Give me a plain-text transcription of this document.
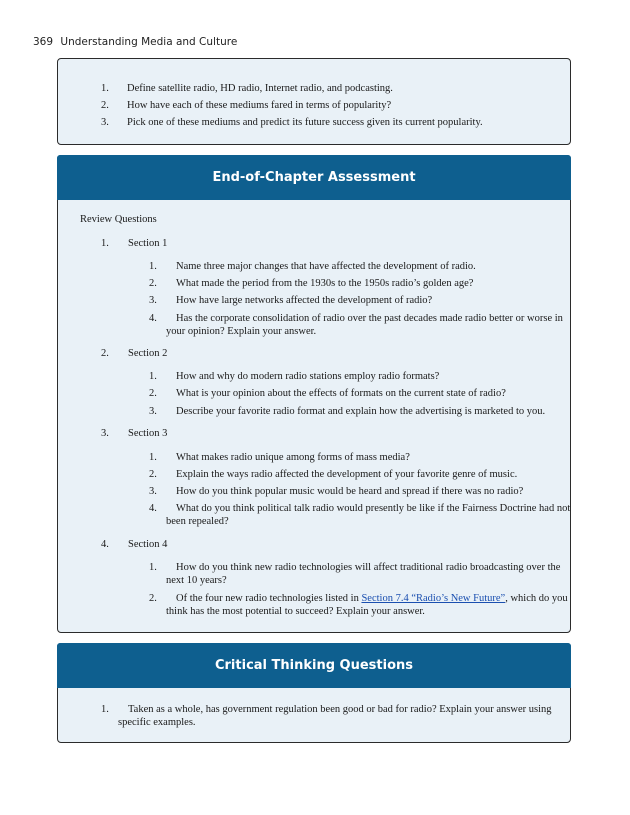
369 Understanding Media and Culture
1. Define satellite radio, HD radio, Internet radio, and podcasting.
2. How have each of these mediums fared in terms of popularity?
3. Pick one of these mediums and predict its future success given its current popularity.
End-of-Chapter Assessment
Review Questions
1. Section 1
1. Name three major changes that have affected the development of radio.
2. What made the period from the 1930s to the 1950s radio’s golden age?
3. How have large networks affected the development of radio?
4. Has the corporate consolidation of radio over the past decades made radio better or worse in
your opinion? Explain your answer.
2. Section 2
1. How and why do modern radio stations employ radio formats?
2. What is your opinion about the effects of formats on the current state of radio?
3. Describe your favorite radio format and explain how the advertising is marketed to you.
3. Section 3
1. What makes radio unique among forms of mass media?
2. Explain the ways radio affected the development of your favorite genre of music.
3. How do you think popular music would be heard and spread if there was no radio?
4. What do you think political talk radio would presently be like if the Fairness Doctrine had not
been repealed?
4. Section 4
1. How do you think new radio technologies will affect traditional radio broadcasting over the
next 10 years?
2. Of the four new radio technologies listed in Section 7.4 “Radio’s New Future”, which do you
think has the most potential to succeed? Explain your answer.
Critical Thinking Questions
1. Taken as a whole, has government regulation been good or bad for radio? Explain your answer using
specific examples.
